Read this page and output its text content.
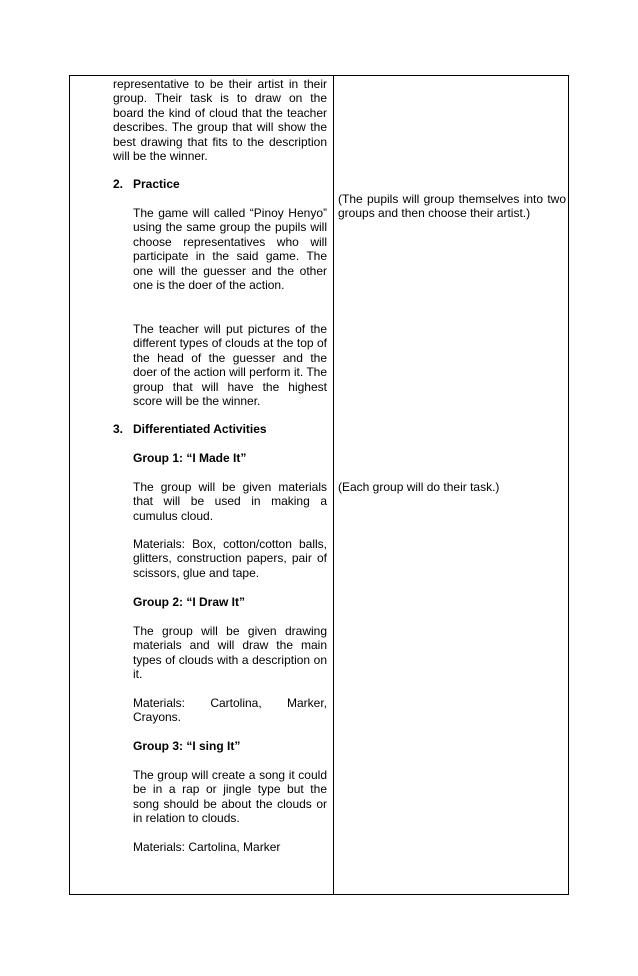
representative to be their artist in their group. Their task is to draw on the board the kind of cloud that the teacher describes. The group that will show the best drawing that fits to the description will be the winner.

2. Practice

The game will called “Pinoy Henyo” using the same group the pupils will choose representatives who will participate in the said game. The one will the guesser and the other one is the doer of the action.

The teacher will put pictures of the different types of clouds at the top of the head of the guesser and the doer of the action will perform it. The group that will have the highest score will be the winner.

3. Differentiated Activities

Group 1: “I Made It”

The group will be given materials that will be used in making a cumulus cloud.

Materials: Box, cotton/cotton balls, glitters, construction papers, pair of scissors, glue and tape.

Group 2: “I Draw It”

The group will be given drawing materials and will draw the main types of clouds with a description on it.

Materials: Cartolina, Marker, Crayons.

Group 3: “I sing It”

The group will create a song it could be in a rap or jingle type but the song should be about the clouds or in relation to clouds.

Materials: Cartolina, Marker

(The pupils will group themselves into two groups and then choose their artist.)

(Each group will do their task.)
